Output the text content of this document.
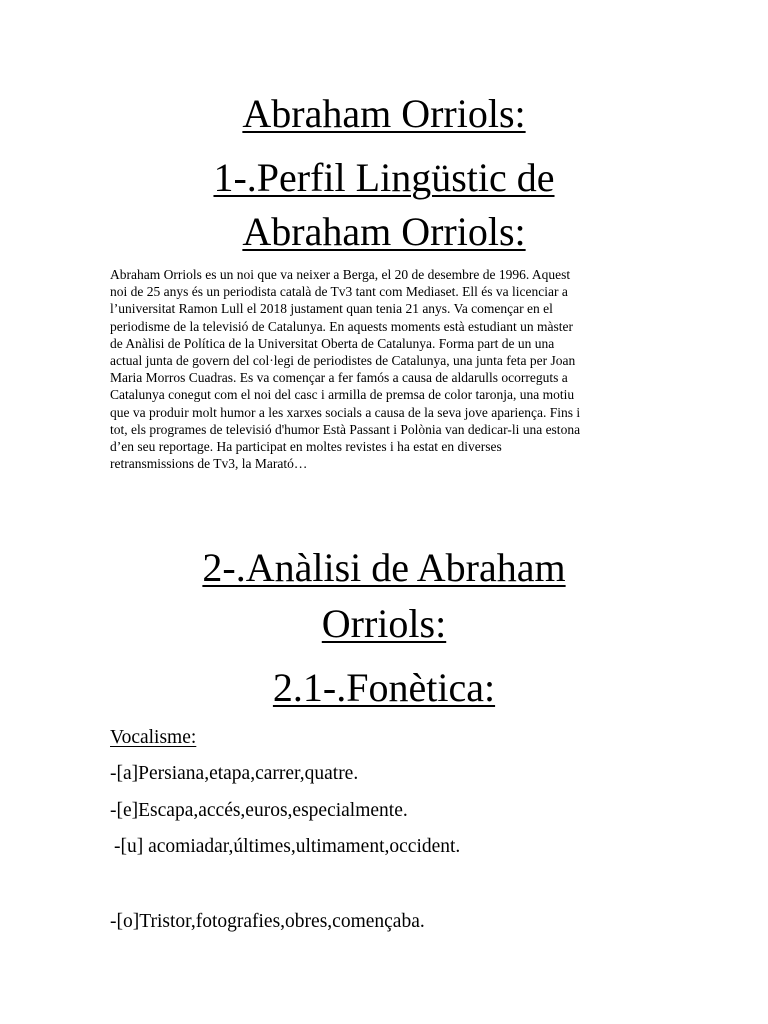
Abraham Orriols:
1-.Perfil Lingüstic de
Abraham Orriols:

Abraham Orriols es un noi que va neixer a Berga, el 20 de desembre de 1996. Aquest
noi de 25 anys és un periodista català de Tv3 tant com Mediaset. Ell és va licenciar a
l’universitat Ramon Lull el 2018 justament quan tenia 21 anys. Va començar en el
periodisme de la televisió de Catalunya. En aquests moments està estudiant un màster
de Anàlisi de Política de la Universitat Oberta de Catalunya. Forma part de un una
actual junta de govern del col·legi de periodistes de Catalunya, una junta feta per Joan
Maria Morros Cuadras. Es va començar a fer famós a causa de aldarulls ocorreguts a
Catalunya conegut com el noi del casc i armilla de premsa de color taronja, una motiu
que va produir molt humor a les xarxes socials a causa de la seva jove aparіença. Fins i
tot, els programes de televisió d'humor Està Passant i Polònia van dedicar-li una estona
d’en seu reportage. Ha participat en moltes revistes i ha estat en diverses
retransmissions de Tv3, la Marató…

2-.Anàlisi de Abraham
Orriols:
2.1-.Fonètica:

Vocalisme:

-[a]Persiana,etapa,carrer,quatre.

-[e]Escapa,accés,euros,especialmente.

-[u] acomiadar,últimes,ultimament,occident.

-[o]Tristor,fotografies,obres,començaba.
